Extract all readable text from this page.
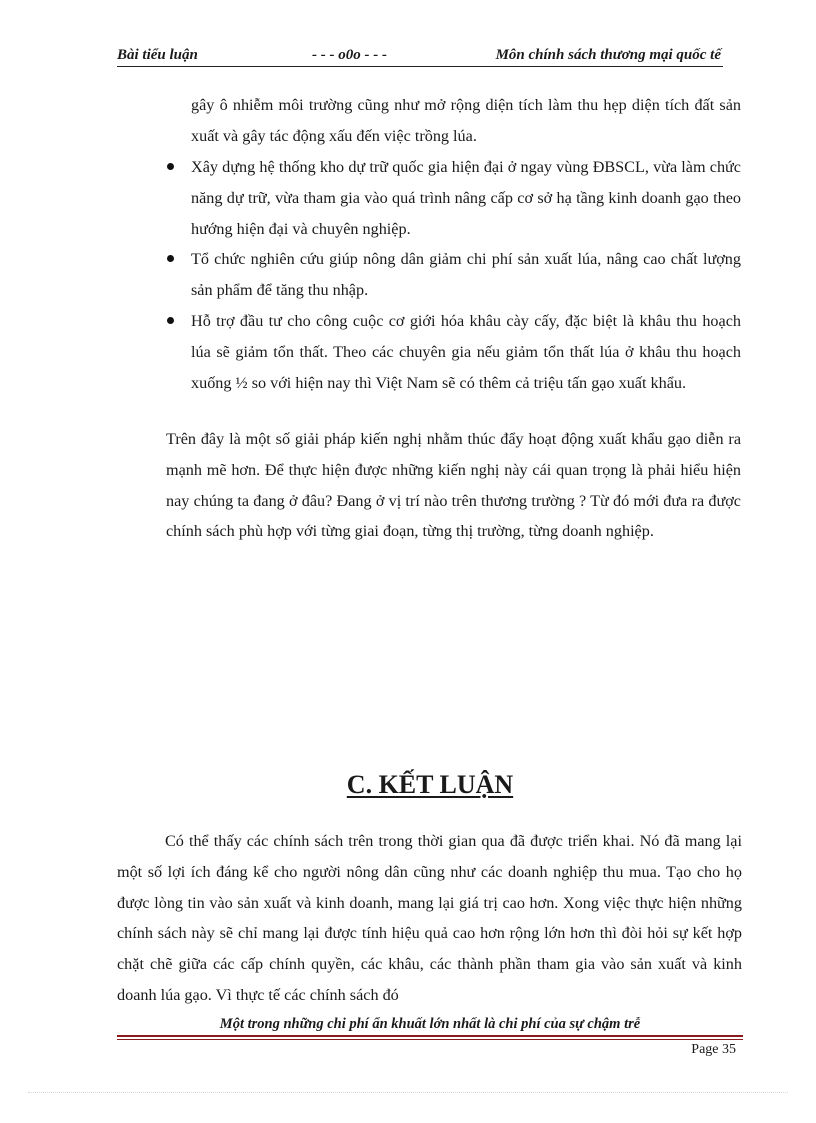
Bài tiểu luận	- - - o0o - - -	Môn chính sách thương mại quốc tế

gây ô nhiễm môi trường cũng như mở rộng diện tích làm thu hẹp diện tích đất sản xuất và gây tác động xấu đến việc trồng lúa.

Xây dựng hệ thống kho dự trữ quốc gia hiện đại ở ngay vùng ĐBSCL, vừa làm chức năng dự trữ, vừa tham gia vào quá trình nâng cấp cơ sở hạ tầng kinh doanh gạo theo hướng hiện đại và chuyên nghiệp.

Tổ chức nghiên cứu giúp nông dân giảm chi phí sản xuất lúa, nâng cao chất lượng sản phẩm để tăng thu nhập.

Hỗ trợ đầu tư cho công cuộc cơ giới hóa khâu cày cấy, đặc biệt là khâu thu hoạch lúa sẽ giảm tổn thất. Theo các chuyên gia nếu giảm tổn thất lúa ở khâu thu hoạch xuống ½ so với hiện nay thì Việt Nam sẽ có thêm cả triệu tấn gạo xuất khẩu.

Trên đây là một số giải pháp kiến nghị nhằm thúc đẩy hoạt động xuất khẩu gạo diễn ra mạnh mẽ hơn. Để thực hiện được những kiến nghị này cái quan trọng là phải hiểu hiện nay chúng ta đang ở đâu? Đang ở vị trí nào trên thương trường ? Từ đó mới đưa ra được chính sách phù hợp với từng giai đoạn, từng thị trường, từng doanh nghiệp.

C. KẾT LUẬN

Có thể thấy các chính sách trên trong thời gian qua đã được triển khai. Nó đã mang lại một số lợi ích đáng kể cho người nông dân cũng như các doanh nghiệp thu mua. Tạo cho họ được lòng tin vào sản xuất và kinh doanh, mang lại giá trị cao hơn. Xong việc thực hiện những chính sách này sẽ chỉ mang lại được tính hiệu quả cao hơn rộng lớn hơn thì đòi hỏi sự kết hợp chặt chẽ giữa các cấp chính quyền, các khâu, các thành phần tham gia vào sản xuất và kinh doanh lúa gạo. Vì thực tế các chính sách đó

Một trong những chi phí ẩn khuất lớn nhất là chi phí của sự chậm trễ
Page 35
